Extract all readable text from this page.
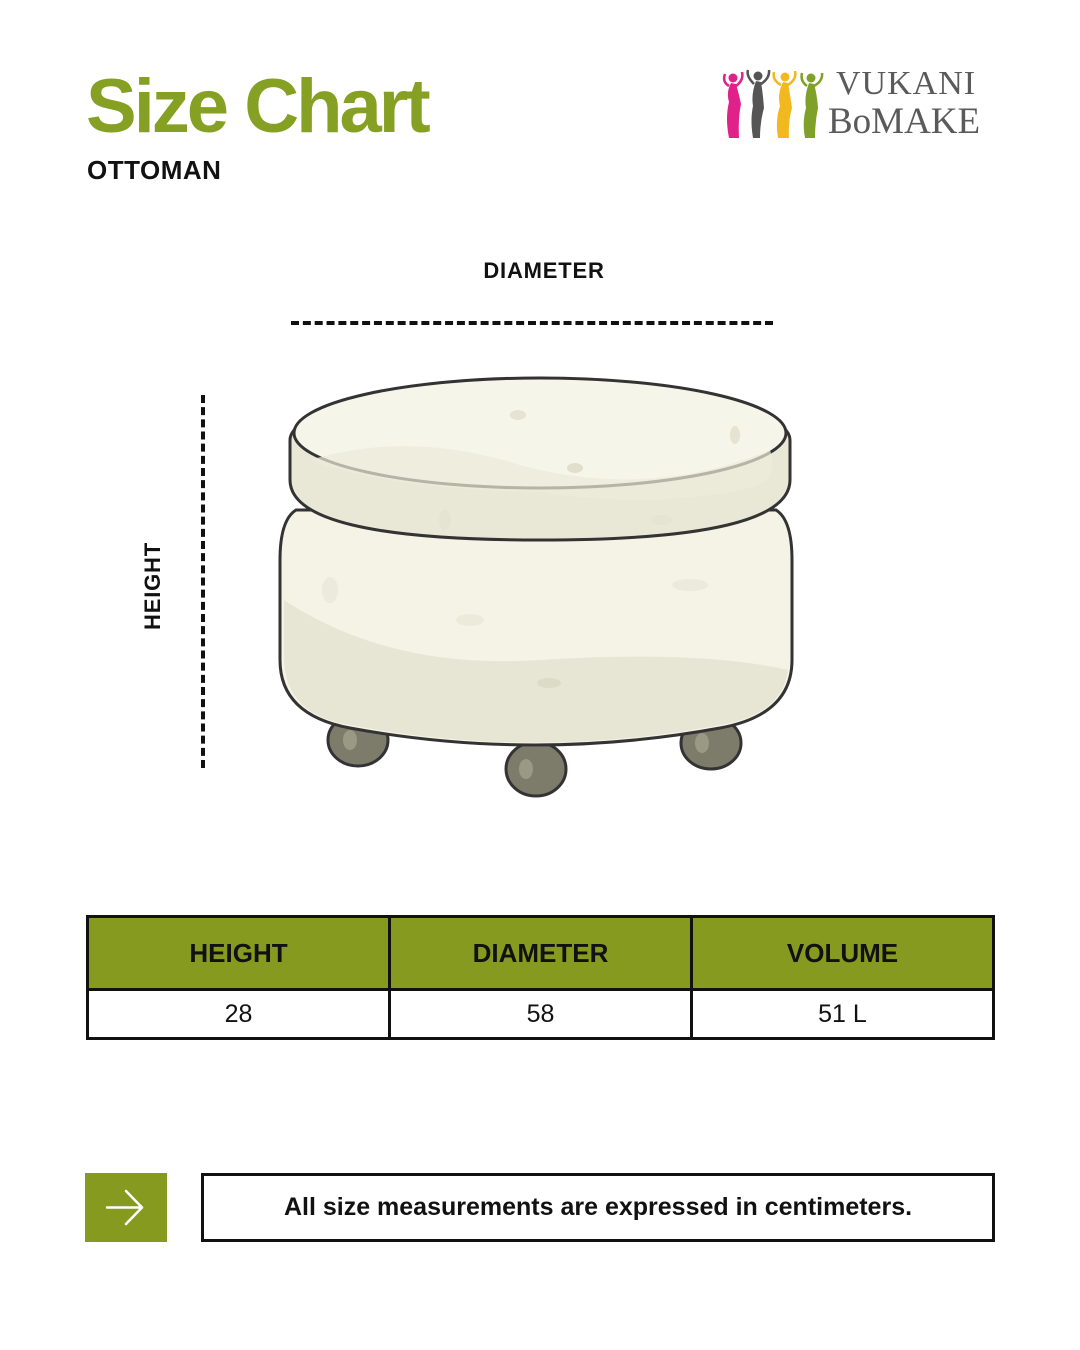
Size Chart
OTTOMAN
VUKANI
BoMAKE
DIAMETER
HEIGHT
HEIGHT	DIAMETER	VOLUME
28	58	51 L
All size measurements are expressed in centimeters.
